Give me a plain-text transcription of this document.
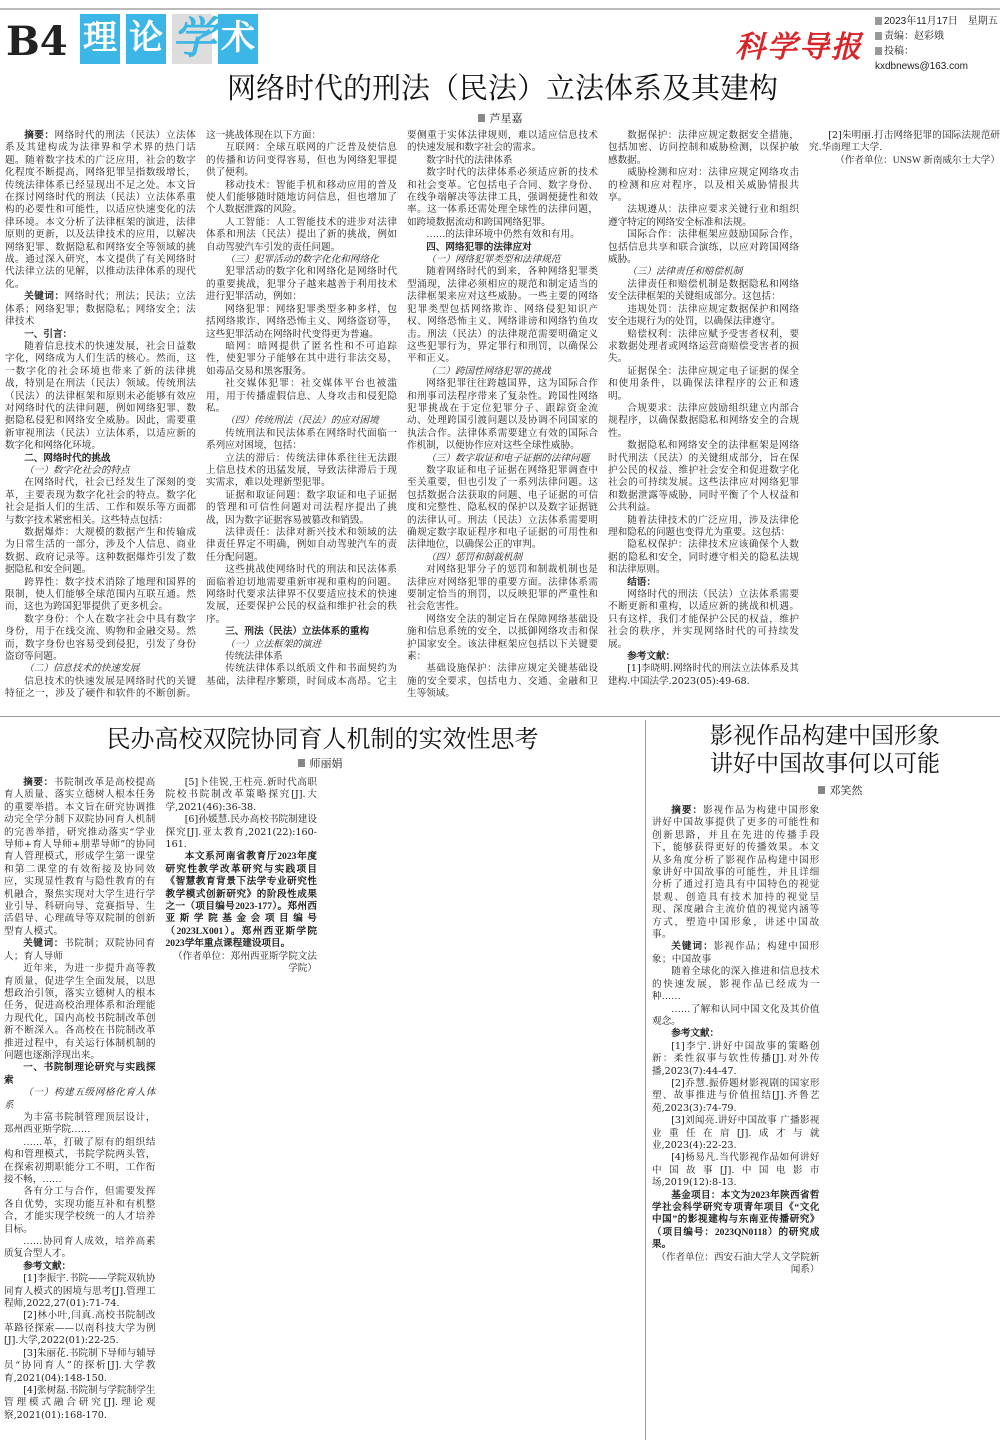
B4 理 论 学 术	科学导报
2023年11月17日　星期五
责编：赵彩娥
投稿：kxdbnews@163.com
网络时代的刑法（民法）立法体系及其建构
芦星嘉

摘要：网络时代的刑法（民法）立法体系及其建构成为法律界和学术界的热门话题。随着数字技术的广泛应用，社会的数字化程度不断提高，网络犯罪呈指数级增长，传统法律体系已经显现出不足之处。本文旨在探讨网络时代的刑法（民法）立法体系重构的必要性和可能性，以适应快速变化的法律环境。本文分析了法律框架的演进，法律原则的更新，以及法律技术的应用，以解决网络犯罪、数据隐私和网络安全等领域的挑战。通过深入研究，本文提供了有关网络时代法律立法的见解，以推动法律体系的现代化。

关键词：网络时代；刑法；民法；立法体系；网络犯罪；数据隐私；网络安全；法律技术

一、引言：

随着信息技术的快速发展，社会日益数字化，网络成为人们生活的核心。然而，这一数字化的社会环境也带来了新的法律挑战，特别是在刑法（民法）领域。传统刑法（民法）的法律框架和原则未必能够有效应对网络时代的法律问题，例如网络犯罪、数据隐私侵犯和网络安全威胁。因此，需要重新审视刑法（民法）立法体系，以适应新的数字化和网络化环境。

二、网络时代的挑战

（一）数字化社会的特点

在网络时代，社会已经发生了深刻的变革，主要表现为数字化社会的特点。数字化社会是指人们的生活、工作和娱乐等方面都与数字技术紧密相关。这些特点包括：

数据爆炸：大规模的数据产生和传输成为日常生活的一部分，涉及个人信息、商业数据、政府记录等。这种数据爆炸引发了数据隐私和安全问题。

跨界性：数字技术消除了地理和国界的限制，使人们能够全球范围内互联互通。然而，这也为跨国犯罪提供了更多机会。

数字身份：个人在数字社会中具有数字身份，用于在线交流、购物和金融交易。然而，数字身份也容易受到侵犯，引发了身份盗窃等问题。

（二）信息技术的快速发展

信息技术的快速发展是网络时代的关键特征之一，涉及了硬件和软件的不断创新。这一挑战体现在以下方面：

互联网：全球互联网的广泛普及使信息的传播和访问变得容易，但也为网络犯罪提供了便利。

移动技术：智能手机和移动应用的普及使人们能够随时随地访问信息，但也增加了个人数据泄露的风险。

人工智能：人工智能技术的进步对法律体系和刑法（民法）提出了新的挑战，例如自动驾驶汽车引发的责任问题。

（三）犯罪活动的数字化化和网络化

犯罪活动的数字化和网络化是网络时代的重要挑战，犯罪分子越来越善于利用技术进行犯罪活动，例如：

网络犯罪：网络犯罪类型多种多样，包括网络欺诈、网络恐怖主义、网络盗窃等，这些犯罪活动在网络时代变得更为普遍。

暗网：暗网提供了匿名性和不可追踪性，使犯罪分子能够在其中进行非法交易，如毒品交易和黑客服务。

社交媒体犯罪：社交媒体平台也被滥用，用于传播虚假信息、人身攻击和侵犯隐私。

（四）传统刑法（民法）的应对困境

传统刑法和民法体系在网络时代面临一系列应对困境，包括：

立法的滞后：传统法律体系往往无法跟上信息技术的迅猛发展，导致法律滞后于现实需求，难以处理新型犯罪。

证据和取证问题：数字取证和电子证据的管理和可信性问题对司法程序提出了挑战，因为数字证据容易被篡改和销毁。

法律责任：法律对新兴技术和领域的法律责任界定不明确，例如自动驾驶汽车的责任分配问题。

这些挑战使网络时代的刑法和民法体系面临着迫切地需要重新审视和重构的问题。网络时代要求法律界不仅要适应技术的快速发展，还要保护公民的权益和维护社会的秩序。

三、刑法（民法）立法体系的重构

（一）立法框架的演进

传统法律体系

传统法律体系以纸质文件和书面契约为基础，法律程序繁琐，时间成本高昂。它主要侧重于实体法律规则，难以适应信息技术的快速发展和数字社会的需求。

数字时代的法律体系

数字时代的法律体系必须适应新的技术和社会变革。它包括电子合同、数字身份、在线争端解决等法律工具，强调便捷性和效率。这一体系还需处理全球性的法律问题，如跨境数据流动和跨国网络犯罪。

……的法律环境中仍然有效和有用。

四、网络犯罪的法律应对

（一）网络犯罪类型和法律规范

随着网络时代的到来，各种网络犯罪类型涌现，法律必须相应的规范和制定适当的法律框架来应对这些威胁。一些主要的网络犯罪类型包括网络欺诈、网络侵犯知识产权、网络恐怖主义、网络诽谤和网络钓鱼攻击。刑法（民法）的法律规范需要明确定义这些犯罪行为，界定罪行和刑罚，以确保公平和正义。

（二）跨国性网络犯罪的挑战

网络犯罪往往跨越国界，这为国际合作和刑事司法程序带来了复杂性。跨国性网络犯罪挑战在于定位犯罪分子、跟踪资金流动、处理跨国引渡问题以及协调不同国家的执法合作。法律体系需要建立有效的国际合作机制，以便协作应对这些全球性威胁。

（三）数字取证和电子证据的法律问题

数字取证和电子证据在网络犯罪调查中至关重要，但也引发了一系列法律问题。这包括数据合法获取的问题、电子证据的可信度和完整性、隐私权的保护以及数字证据链的法律认可。刑法（民法）立法体系需要明确规定数字取证程序和电子证据的可用性和法律地位，以确保公正的审判。

（四）惩罚和制裁机制

对网络犯罪分子的惩罚和制裁机制也是法律应对网络犯罪的重要方面。法律体系需要制定恰当的刑罚，以反映犯罪的严重性和社会危害性。

网络安全法的制定旨在保障网络基础设施和信息系统的安全，以抵御网络攻击和保护国家安全。该法律框架应包括以下关键要素：

基础设施保护：法律应规定关键基础设施的安全要求，包括电力、交通、金融和卫生等领域。

数据保护：法律应规定数据安全措施，包括加密、访问控制和威胁检测，以保护敏感数据。

威胁检测和应对：法律应规定网络攻击的检测和应对程序，以及相关威胁情报共享。

法规遵从：法律应要求关键行业和组织遵守特定的网络安全标准和法规。

国际合作：法律框架应鼓励国际合作，包括信息共享和联合演练，以应对跨国网络威胁。

（三）法律责任和赔偿机制

法律责任和赔偿机制是数据隐私和网络安全法律框架的关键组成部分。这包括：

违规处罚：法律应规定数据保护和网络安全违规行为的处罚，以确保法律遵守。

赔偿权利：法律应赋予受害者权利，要求数据处理者或网络运营商赔偿受害者的损失。

证据保全：法律应规定电子证据的保全和使用条件，以确保法律程序的公正和透明。

合规要求：法律应鼓励组织建立内部合规程序，以确保数据隐私和网络安全的合规性。

数据隐私和网络安全的法律框架是网络时代刑法（民法）的关键组成部分，旨在保护公民的权益、维护社会安全和促进数字化社会的可持续发展。这些法律应对网络犯罪和数据泄露等威胁，同时平衡了个人权益和公共利益。

随着法律技术的广泛应用，涉及法律伦理和隐私的问题也变得尤为重要。这包括：

隐私权保护：法律技术应该确保个人数据的隐私和安全，同时遵守相关的隐私法规和法律原则。

结语：

网络时代的刑法（民法）立法体系需要不断更新和重构，以适应新的挑战和机遇。只有这样，我们才能保护公民的权益，维护社会的秩序，并实现网络时代的可持续发展。

参考文献：

[1]李晓明.网络时代的刑法立法体系及其建构.中国法学.2023(05):49-68.

[2]朱明丽.打击网络犯罪的国际法规范研究.华南理工大学.

（作者单位：UNSW 新南威尔士大学）

民办高校双院协同育人机制的实效性思考
师丽娟

摘要：书院制改革是高校提高育人质量、落实立德树人根本任务的重要举措。本文旨在研究协调推动完全学分制下双院协同育人机制的完善举措，研究推动落实“学业导师+育人导师+朋辈导师”的协同育人管理模式，形成学生第一课堂和第二课堂的有效衔接及协同效应，实现显性教育与隐性教育的有机融合，聚焦实现对大学生进行学业引导、科研向导、竞赛指导、生活倡导、心理疏导等双院制的创新型育人模式。

关键词：书院制；双院协同育人；育人导师

近年来，为进一步提升高等教育质量，促进学生全面发展，以思想政治引领，落实立德树人的根本任务，促进高校治理体系和治理能力现代化，国内高校书院制改革创新不断深入。各高校在书院制改革推进过程中，有关运行体制机制的问题也逐渐浮现出来。

一、书院制理论研究与实践探索

（一）构建五级网格化育人体系

为丰富书院制管理顶层设计，郑州西亚斯学院……

……革，打破了原有的组织结构和管理模式，书院学院两头管，在探索初期职能分工不明，工作衔接不畅，……

各有分工与合作，但需要发挥各自优势，实现功能互补和有机整合，才能实现学校统一的人才培养目标。

……协同育人成效，培养高素质复合型人才。

参考文献：

[1]李振宇.书院——学院双轨协同育人模式的困境与思考[J].管理工程师,2022,27(01):71-74.

[2]林小叶,闫真.高校书院制改革路径探索——以南科技大学为例[J].大学,2022(01):22-25.

[3]朱丽花.书院制下导师与辅导员“协同育人”的探析[J].大学教育,2021(04):148-150.

[4]张树磊.书院制与学院制学生管理模式融合研究[J].理论观察,2021(01):168-170.

[5]卜佳锐,王柱亮.新时代高职院校书院制改革策略探究[J].大学,2021(46):36-38.

[6]孙媛慧.民办高校书院制建设探究[J].亚太教育,2021(22):160-161.

本文系河南省教育厅2023年度研究性教学改革研究与实践项目《智慧教育背景下法学专业研究性教学模式创新研究》的阶段性成果之一（项目编号2023-177）。郑州西亚斯学院基金会项目编号（2023LX001）。郑州西亚斯学院2023学年重点课程建设项目。

（作者单位：郑州西亚斯学院文法学院）

影视作品构建中国形象
讲好中国故事何以可能
邓笑然

摘要：影视作品为构建中国形象讲好中国故事提供了更多的可能性和创新思路，并且在先进的传播手段下，能够获得更好的传播效果。本文从多角度分析了影视作品构建中国形象讲好中国故事的可能性，并且详细分析了通过打造具有中国特色的视觉景观、创造具有技术加持的视觉呈现、深度融合主流价值的视觉内涵等方式，塑造中国形象，讲述中国故事。

关键词：影视作品；构建中国形象；中国故事

随着全球化的深入推进和信息技术的快速发展，影视作品已经成为一种……

……了解和认同中国文化及其价值观念。

参考文献：

[1]李宁.讲好中国故事的策略创新：柔性叙事与软性传播[J].对外传播,2023(7):44-47.

[2]乔慧.振侨题材影视剧的国家形塑、故事推进与价值扭结[J].齐鲁艺苑,2023(3):74-79.

[3]刘闻亮.讲好中国故事 广播影视业重任在肩[J].成才与就业,2023(4):22-23.

[4]杨易凡.当代影视作品如何讲好中国故事[J].中国电影市场,2019(12):8-13.

基金项目：本文为2023年陕西省哲学社会科学研究专项青年项目《“文化中国”的影视建构与东南亚传播研究》（项目编号：2023QN0118）的研究成果。

（作者单位：西安石油大学人文学院新闻系）
